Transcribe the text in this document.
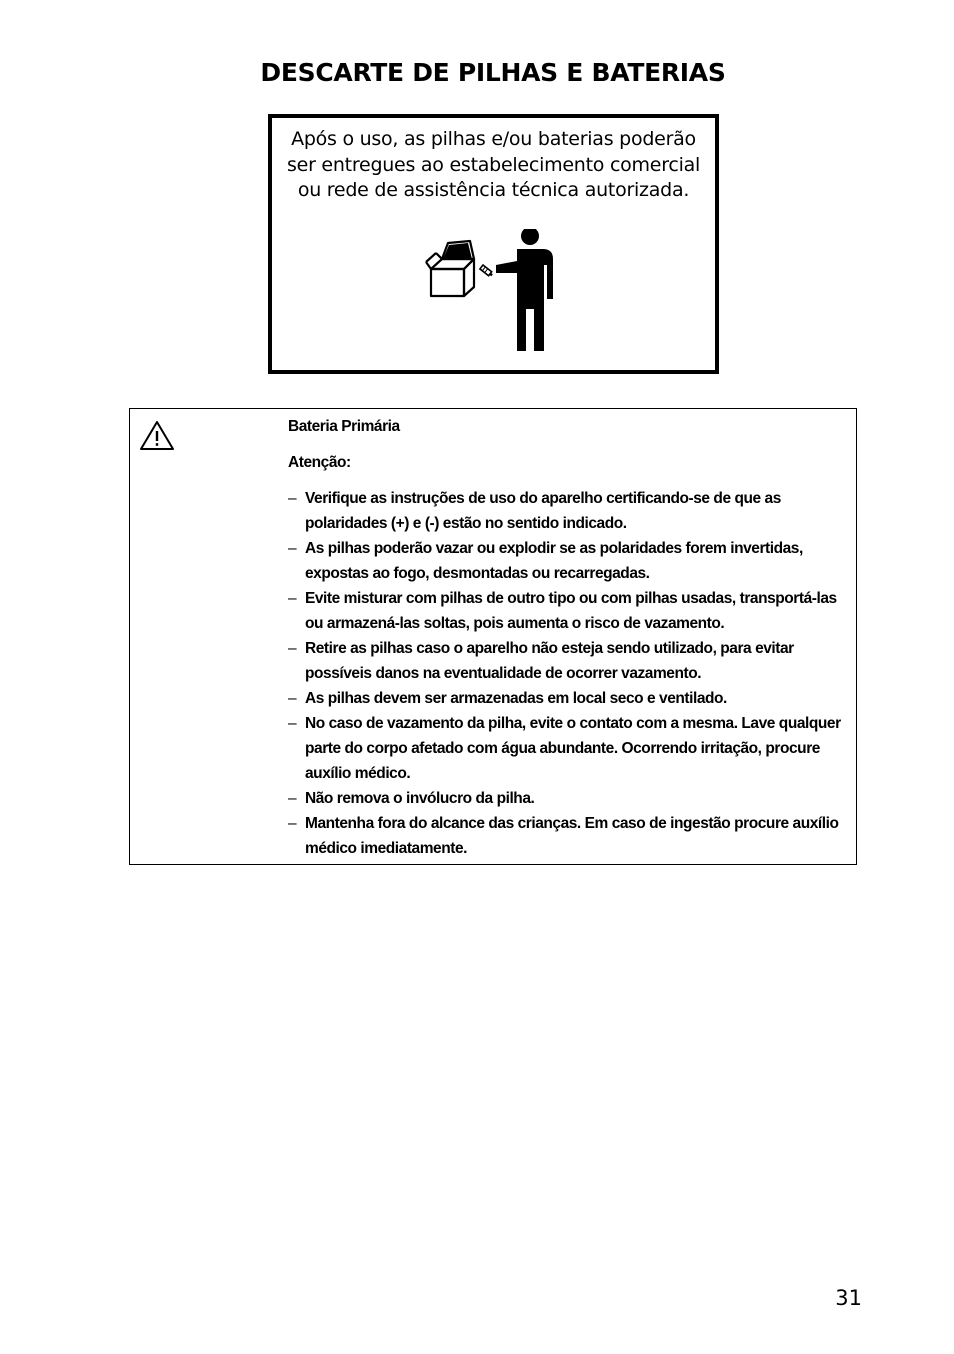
DESCARTE DE PILHAS E BATERIAS
Após o uso, as pilhas e/ou baterias poderão
ser entregues ao estabelecimento comercial
ou rede de assistência técnica autorizada.

Bateria Primária

Atenção:

– Verifique as instruções de uso do aparelho certificando-se de que as polaridades (+) e (-) estão no sentido indicado.
– As pilhas poderão vazar ou explodir se as polaridades forem invertidas, expostas ao fogo, desmontadas ou recarregadas.
– Evite misturar com pilhas de outro tipo ou com pilhas usadas, transportá-las ou armazená-las soltas, pois aumenta o risco de vazamento.
– Retire as pilhas caso o aparelho não esteja sendo utilizado, para evitar possíveis danos na eventualidade de ocorrer vazamento.
– As pilhas devem ser armazenadas em local seco e ventilado.
– No caso de vazamento da pilha, evite o contato com a mesma. Lave qualquer parte do corpo afetado com água abundante. Ocorrendo irritação, procure auxílio médico.
– Não remova o invólucro da pilha.
– Mantenha fora do alcance das crianças. Em caso de ingestão procure auxílio médico imediatamente.
31
